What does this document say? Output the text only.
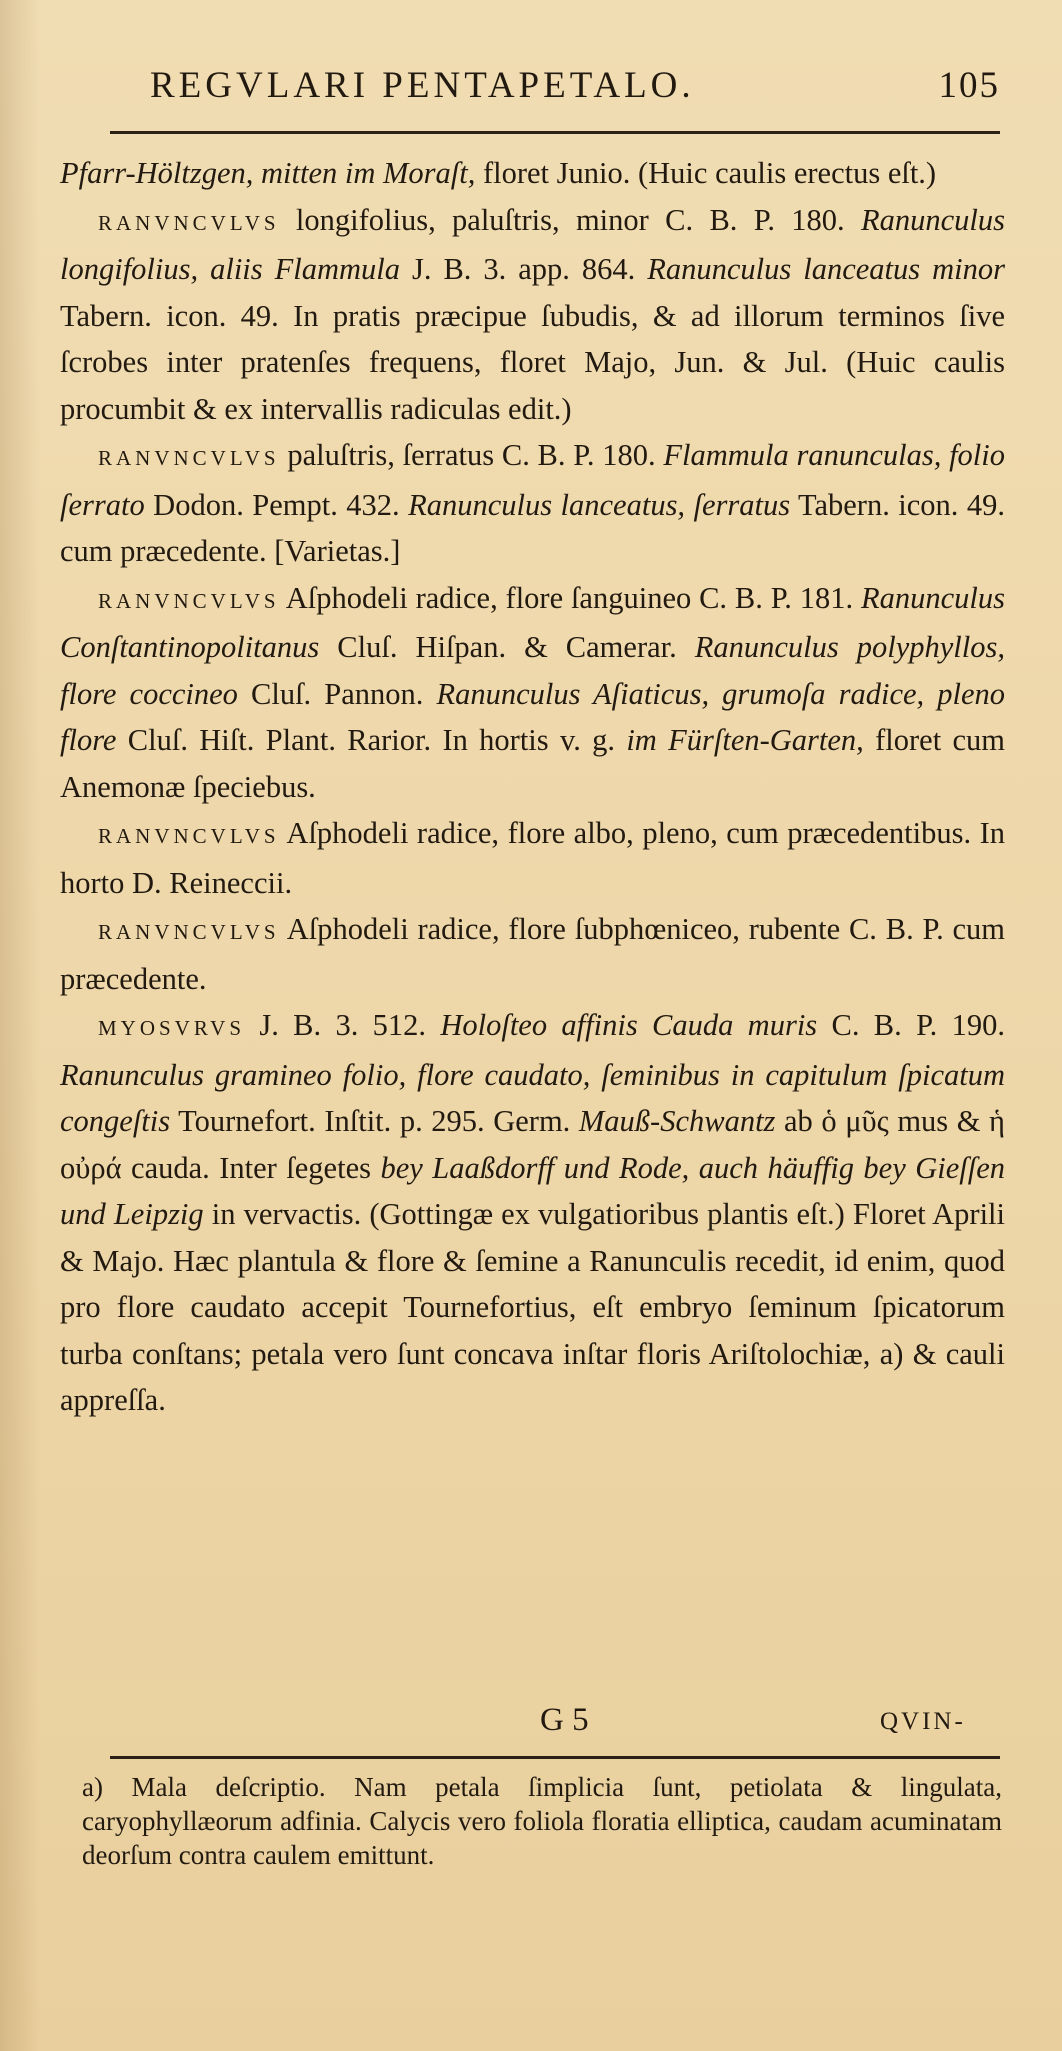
REGVLARI PENTAPETALO.	105

Pfarr-Höltzgen, mitten im Moraſt, floret Junio. (Huic caulis erectus eſt.)

RANVNCVLVS longifolius, paluſtris, minor C. B. P. 180. Ranunculus longifolius, aliis Flammula J. B. 3. app. 864. Ranunculus lanceatus minor Tabern. icon. 49. In pratis præcipue ſubudis, & ad illorum terminos ſive ſcrobes inter pratenſes frequens, floret Majo, Jun. & Jul. (Huic caulis procumbit & ex intervallis radiculas edit.)

RANVNCVLVS paluſtris, ſerratus C. B. P. 180. Flammula ranunculas, folio ſerrato Dodon. Pempt. 432. Ranunculus lanceatus, ſerratus Tabern. icon. 49. cum præcedente. [Varietas.]

RANVNCVLVS Aſphodeli radice, flore ſanguineo C. B. P. 181. Ranunculus Conſtantinopolitanus Cluſ. Hiſpan. & Camerar. Ranunculus polyphyllos, flore coccineo Cluſ. Pannon. Ranunculus Aſiaticus, grumoſa radice, pleno flore Cluſ. Hiſt. Plant. Rarior. In hortis v. g. im Fürſten-Garten, floret cum Anemonæ ſpeciebus.

RANVNCVLVS Aſphodeli radice, flore albo, pleno, cum præcedentibus. In horto D. Reineccii.

RANVNCVLVS Aſphodeli radice, flore ſubphœniceo, rubente C. B. P. cum præcedente.

MYOSVRVS J. B. 3. 512. Holoſteo affinis Cauda muris C. B. P. 190. Ranunculus gramineo folio, flore caudato, ſeminibus in capitulum ſpicatum congeſtis Tournefort. Inſtit. p. 295. Germ. Mauß-Schwantz ab ὁ μῦς mus & ἡ οὐρά cauda. Inter ſegetes bey Laaßdorff und Rode, auch häuffig bey Gieſſen und Leipzig in vervactis. (Gottingæ ex vulgatioribus plantis eſt.) Floret Aprili & Majo. Hæc plantula & flore & ſemine a Ranunculis recedit, id enim, quod pro flore caudato accepit Tournefortius, eſt embryo ſeminum ſpicatorum turba conſtans; petala vero ſunt concava inſtar floris Ariſtolochiæ, a) & cauli appreſſa.

G 5	QVIN-

a) Mala deſcriptio. Nam petala ſimplicia ſunt, petiolata & lingulata, caryophyllæorum adfinia. Calycis vero foliola floratia elliptica, caudam acuminatam deorſum contra caulem emittunt.
